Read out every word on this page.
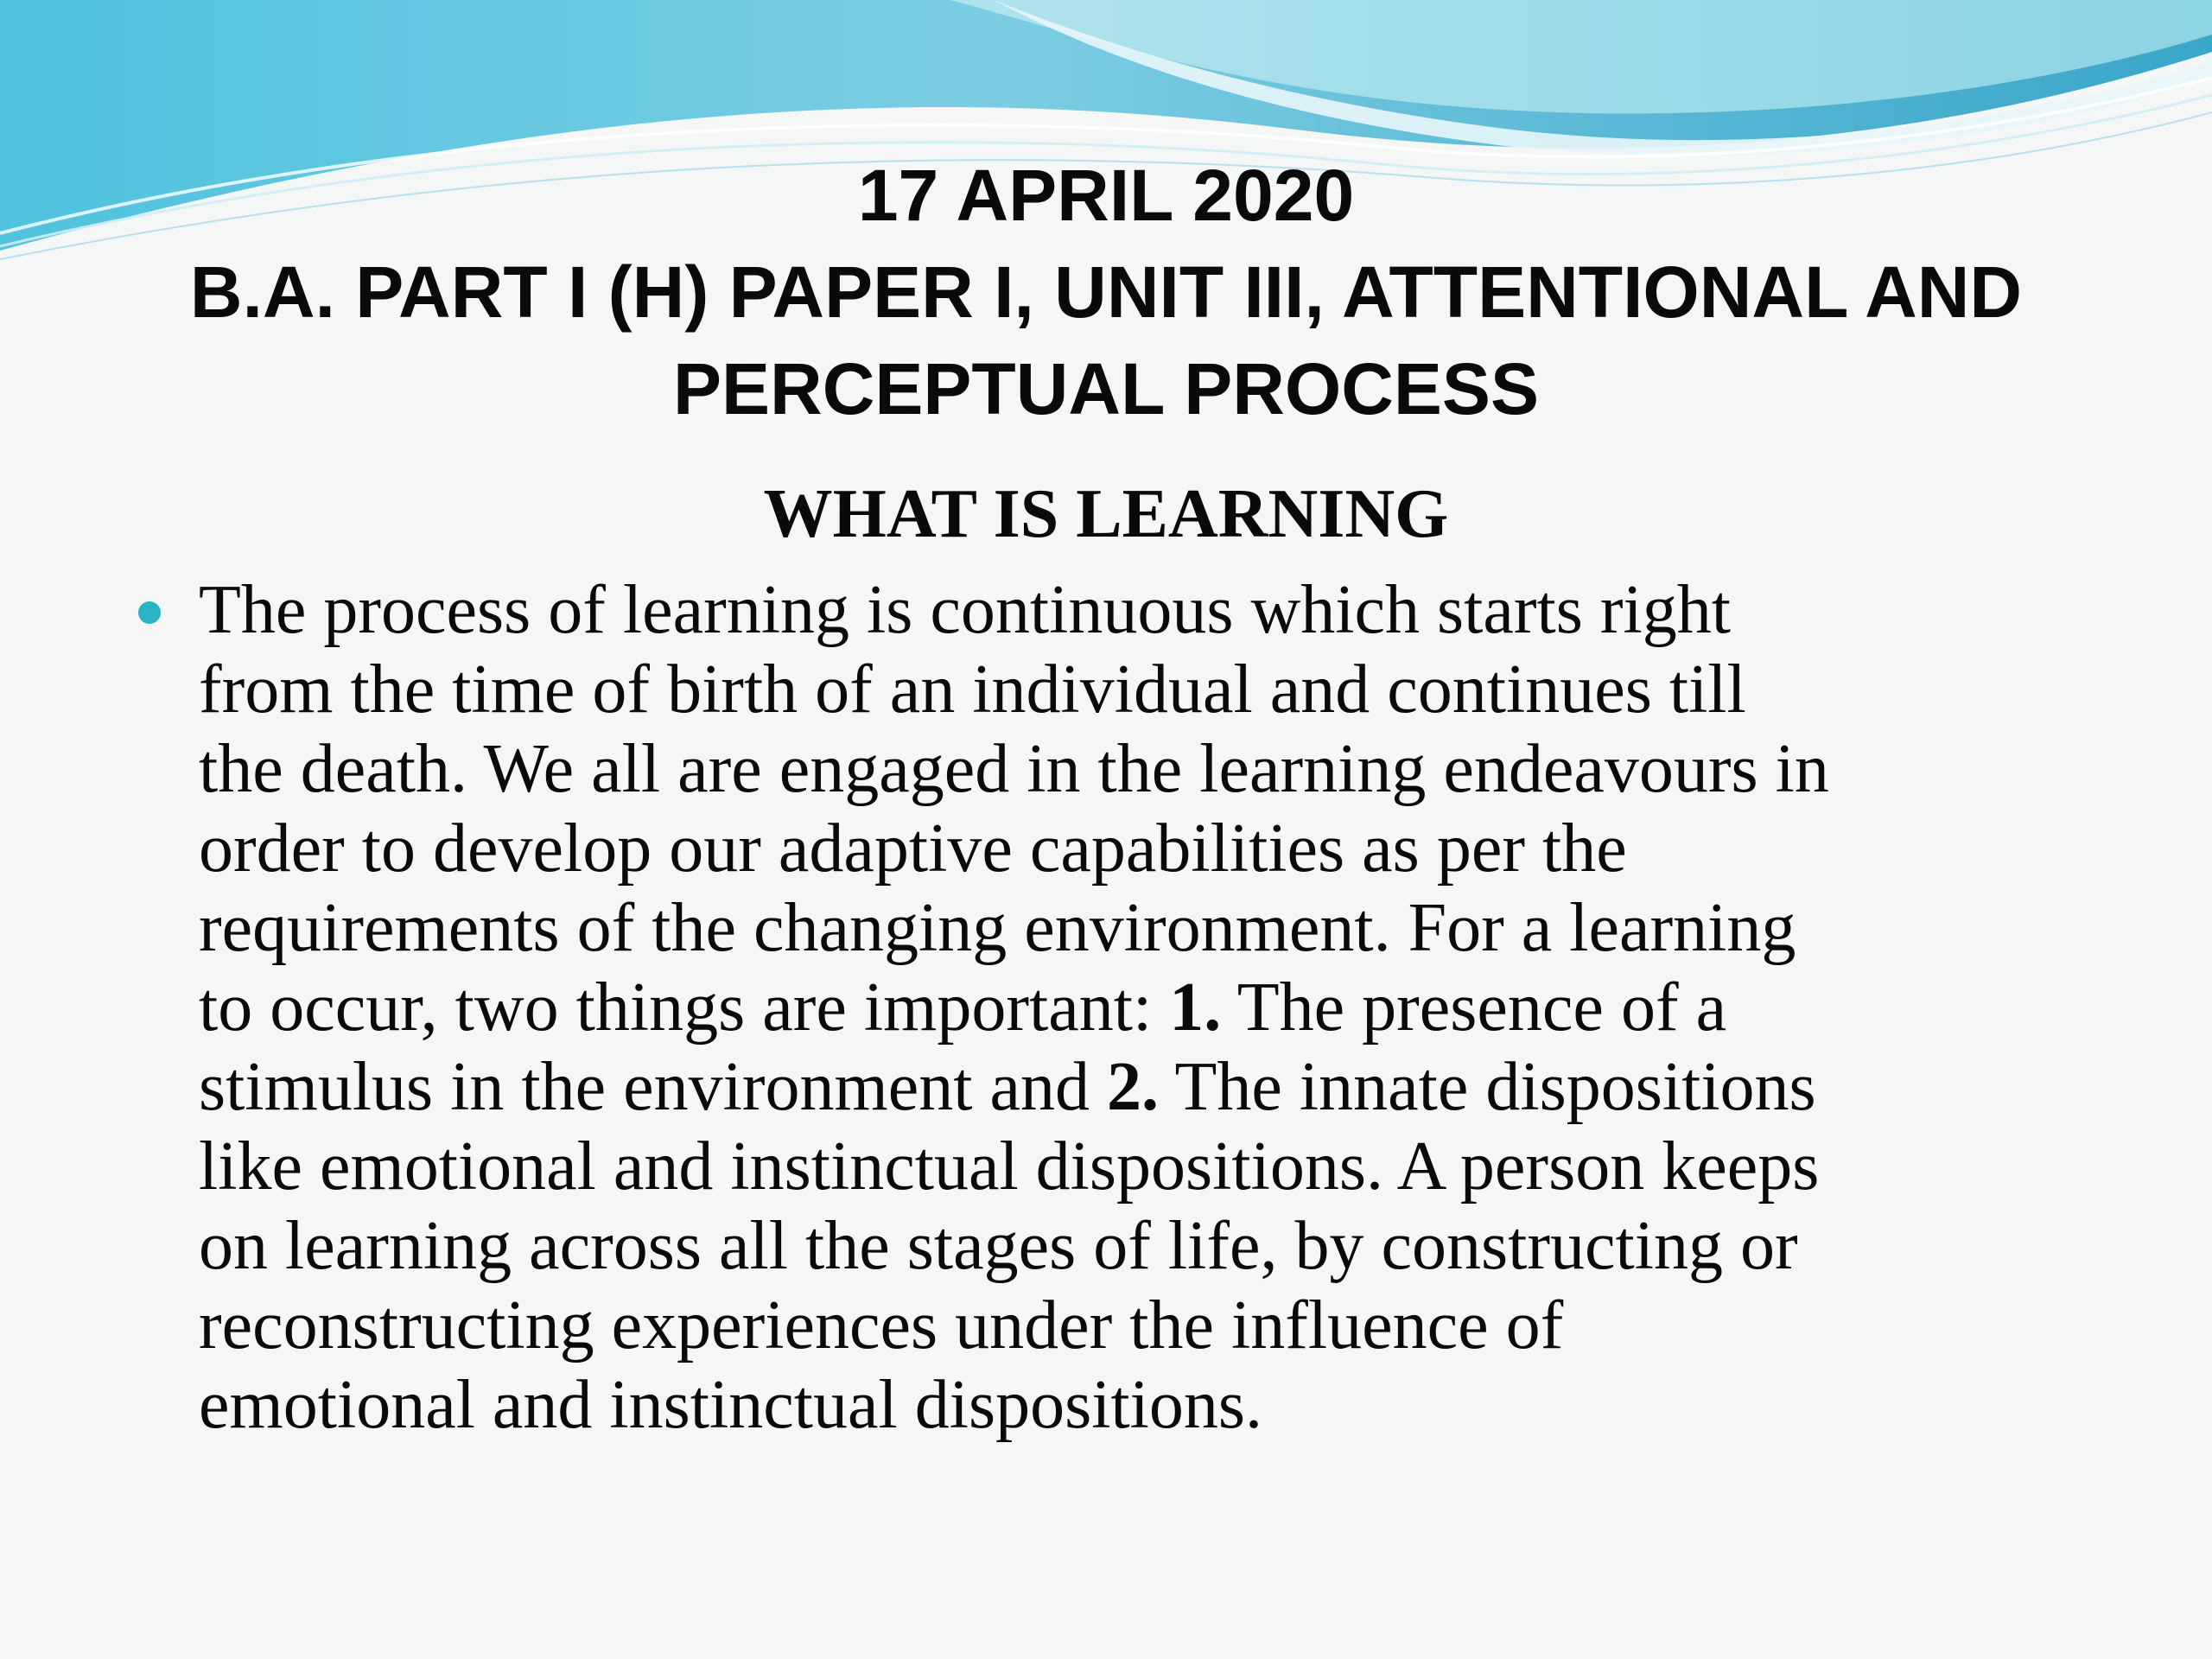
17 APRIL 2020
B.A. PART I (H) PAPER I, UNIT III, ATTENTIONAL AND
PERCEPTUAL PROCESS
WHAT IS LEARNING
The process of learning is continuous which starts right
from the time of birth of an individual and continues till
the death. We all are engaged in the learning endeavours in
order to develop our adaptive capabilities as per the
requirements of the changing environment. For a learning
to occur, two things are important: 1. The presence of a
stimulus in the environment and 2. The innate dispositions
like emotional and instinctual dispositions. A person keeps
on learning across all the stages of life, by constructing or
reconstructing experiences under the influence of
emotional and instinctual dispositions.
